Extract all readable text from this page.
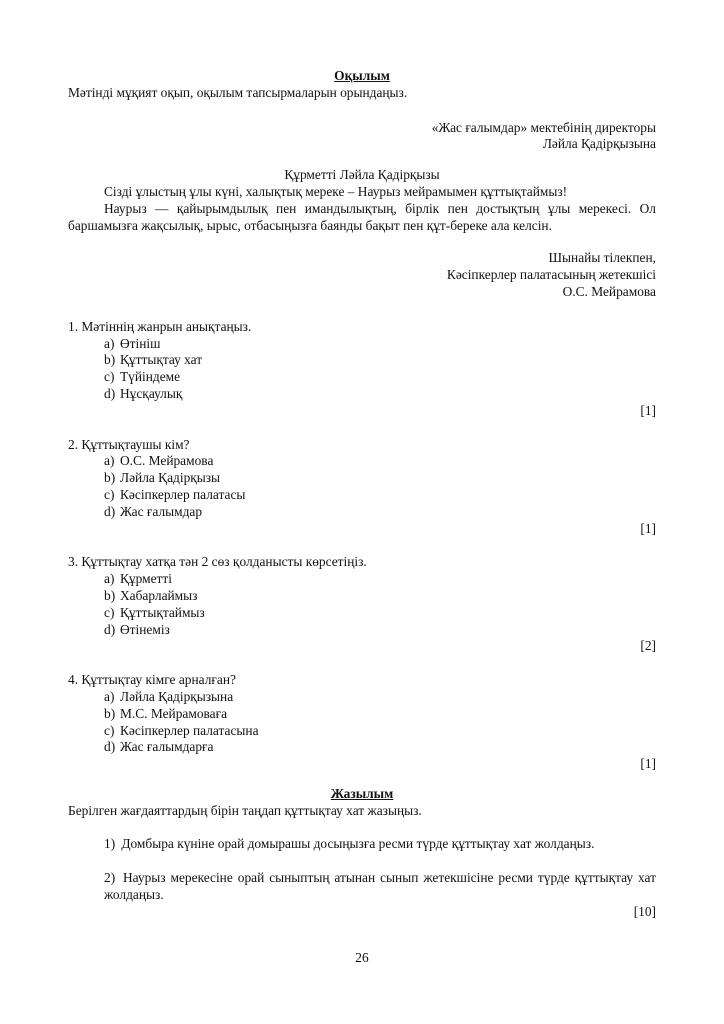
Оқылым

Мәтінді мұқият оқып, оқылым тапсырмаларын орындаңыз.

«Жас ғалымдар» мектебінің директоры

Ләйла Қадірқызына

Құрметті Ләйла Қадірқызы

Сізді ұлыстың ұлы күні, халықтық мереке – Наурыз мейрамымен құттықтаймыз!

Наурыз — қайырымдылық пен имандылықтың, бірлік пен достықтың ұлы мерекесі. Ол баршамызға жақсылық, ырыс, отбасыңызға баянды бақыт пен құт-береке ала келсін.

Шынайы тілекпен,

Кәсіпкерлер палатасының жетекшісі

О.С. Мейрамова

1. Мәтіннің жанрын анықтаңыз.

a) Өтініш
b) Құттықтау хат
c) Түйіндеме
d) Нұсқаулық

[1]

2. Құттықтаушы кім?

a) О.С. Мейрамова
b) Ләйла Қадірқызы
c) Кәсіпкерлер палатасы
d) Жас ғалымдар

[1]

3. Құттықтау хатқа тән 2 сөз қолданысты көрсетіңіз.

a) Құрметті
b) Хабарлаймыз
c) Құттықтаймыз
d) Өтінеміз

[2]

4. Құттықтау кімге арналған?

a) Ләйла Қадірқызына
b) М.С. Мейрамоваға
c) Кәсіпкерлер палатасына
d) Жас ғалымдарға

[1]

Жазылым

Берілген жағдаяттардың бірін таңдап құттықтау хат жазыңыз.

1) Домбыра күніне орай домырашы досыңызға ресми түрде құттықтау хат жолдаңыз.

2) Наурыз мерекесіне орай сыныптың атынан сынып жетекшісіне ресми түрде құттықтау хат жолдаңыз.

[10]

26
